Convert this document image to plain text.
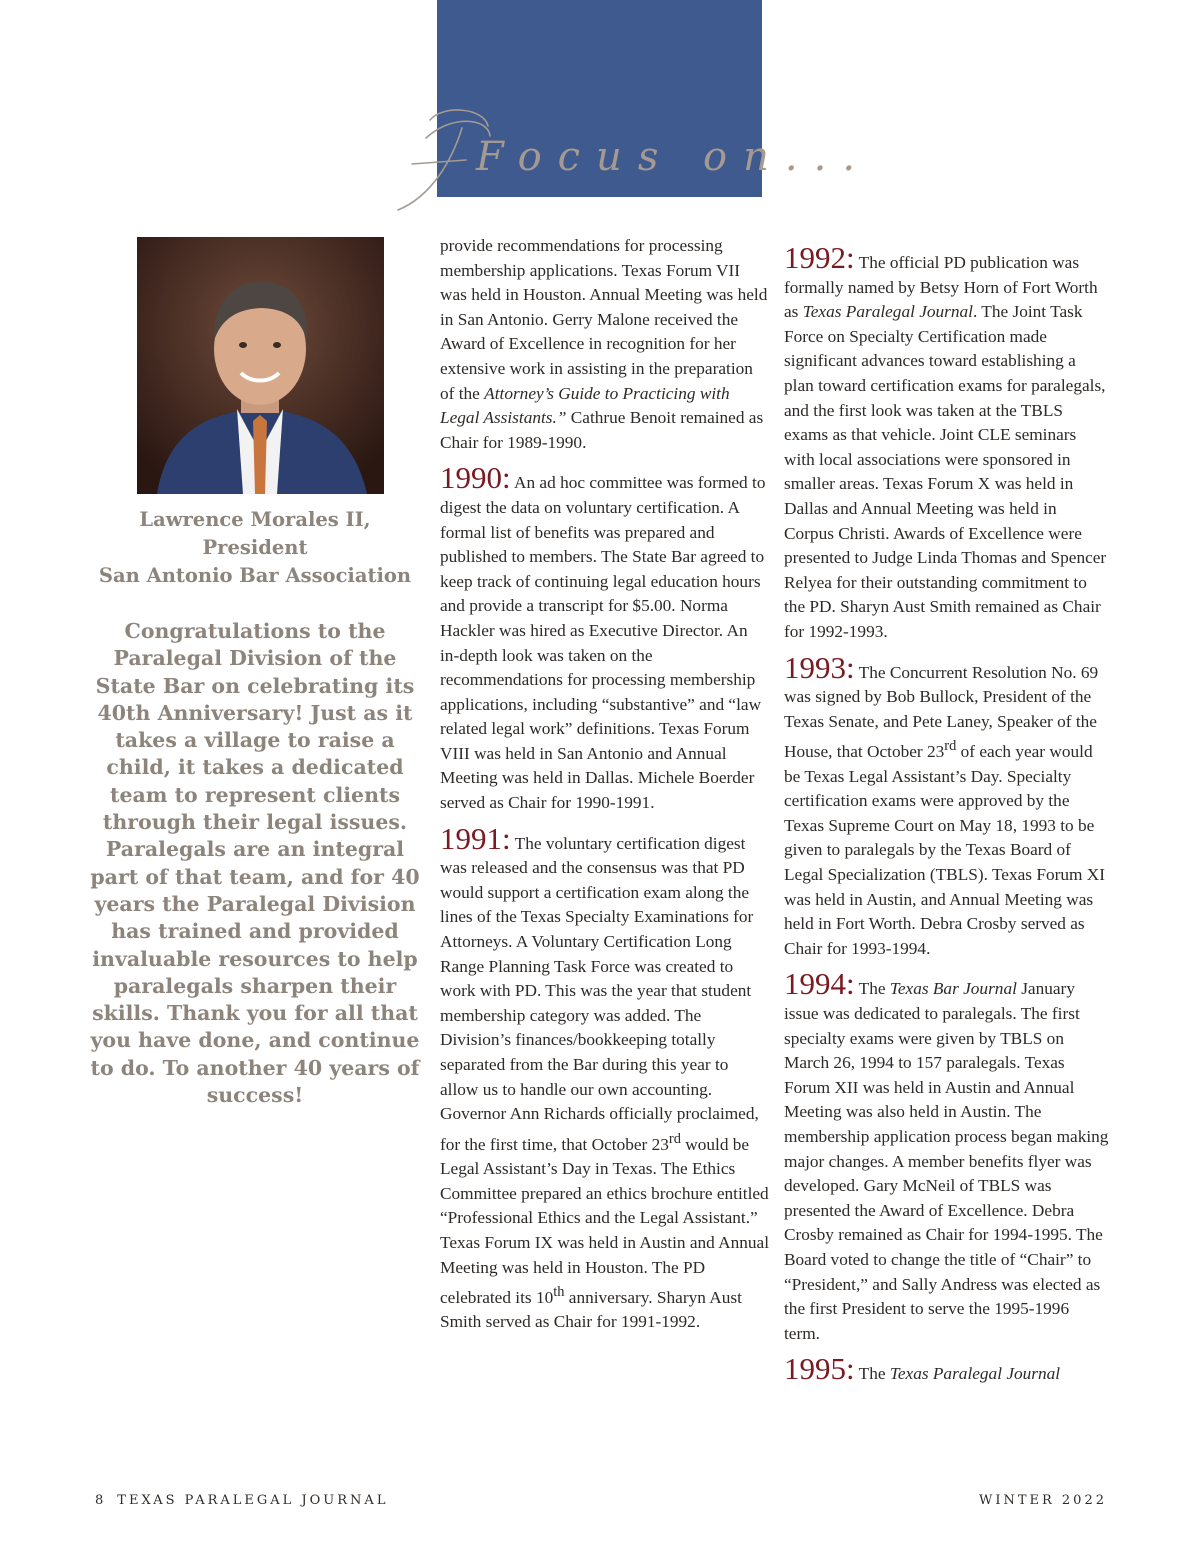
Focus on...
Lawrence Morales II, President
San Antonio Bar Association
Congratulations to the Paralegal Division of the State Bar on celebrating its 40th Anniversary! Just as it takes a village to raise a child, it takes a dedicated team to represent clients through their legal issues. Paralegals are an integral part of that team, and for 40 years the Paralegal Division has trained and provided invaluable resources to help paralegals sharpen their skills. Thank you for all that you have done, and continue to do. To another 40 years of success!

provide recommendations for processing membership applications. Texas Forum VII was held in Houston. Annual Meeting was held in San Antonio. Gerry Malone received the Award of Excellence in recognition for her extensive work in assisting in the preparation of the Attorney’s Guide to Practicing with Legal Assistants.” Cathrue Benoit remained as Chair for 1989-1990.

1990: An ad hoc committee was formed to digest the data on voluntary certification. A formal list of benefits was prepared and published to members. The State Bar agreed to keep track of continuing legal education hours and provide a transcript for $5.00. Norma Hackler was hired as Executive Director. An in-depth look was taken on the recommendations for processing membership applications, including “substantive” and “law related legal work” definitions. Texas Forum VIII was held in San Antonio and Annual Meeting was held in Dallas. Michele Boerder served as Chair for 1990-1991.

1991: The voluntary certification digest was released and the consensus was that PD would support a certification exam along the lines of the Texas Specialty Examinations for Attorneys. A Voluntary Certification Long Range Planning Task Force was created to work with PD. This was the year that student membership category was added. The Division’s finances/bookkeeping totally separated from the Bar during this year to allow us to handle our own accounting. Governor Ann Richards officially proclaimed, for the first time, that October 23rd would be Legal Assistant’s Day in Texas. The Ethics Committee prepared an ethics brochure entitled “Professional Ethics and the Legal Assistant.” Texas Forum IX was held in Austin and Annual Meeting was held in Houston. The PD celebrated its 10th anniversary. Sharyn Aust Smith served as Chair for 1991-1992.

1992: The official PD publication was formally named by Betsy Horn of Fort Worth as Texas Paralegal Journal. The Joint Task Force on Specialty Certification made significant advances toward establishing a plan toward certification exams for paralegals, and the first look was taken at the TBLS exams as that vehicle. Joint CLE seminars with local associations were sponsored in smaller areas. Texas Forum X was held in Dallas and Annual Meeting was held in Corpus Christi. Awards of Excellence were presented to Judge Linda Thomas and Spencer Relyea for their outstanding commitment to the PD. Sharyn Aust Smith remained as Chair for 1992-1993.

1993: The Concurrent Resolution No. 69 was signed by Bob Bullock, President of the Texas Senate, and Pete Laney, Speaker of the House, that October 23rd of each year would be Texas Legal Assistant’s Day. Specialty certification exams were approved by the Texas Supreme Court on May 18, 1993 to be given to paralegals by the Texas Board of Legal Specialization (TBLS). Texas Forum XI was held in Austin, and Annual Meeting was held in Fort Worth. Debra Crosby served as Chair for 1993-1994.

1994: The Texas Bar Journal January issue was dedicated to paralegals. The first specialty exams were given by TBLS on March 26, 1994 to 157 paralegals. Texas Forum XII was held in Austin and Annual Meeting was also held in Austin. The membership application process began making major changes. A member benefits flyer was developed. Gary McNeil of TBLS was presented the Award of Excellence. Debra Crosby remained as Chair for 1994-1995. The Board voted to change the title of “Chair” to “President,” and Sally Andress was elected as the first President to serve the 1995-1996 term.

1995: The Texas Paralegal Journal

8 TEXAS PARALEGAL JOURNAL	WINTER 2022
